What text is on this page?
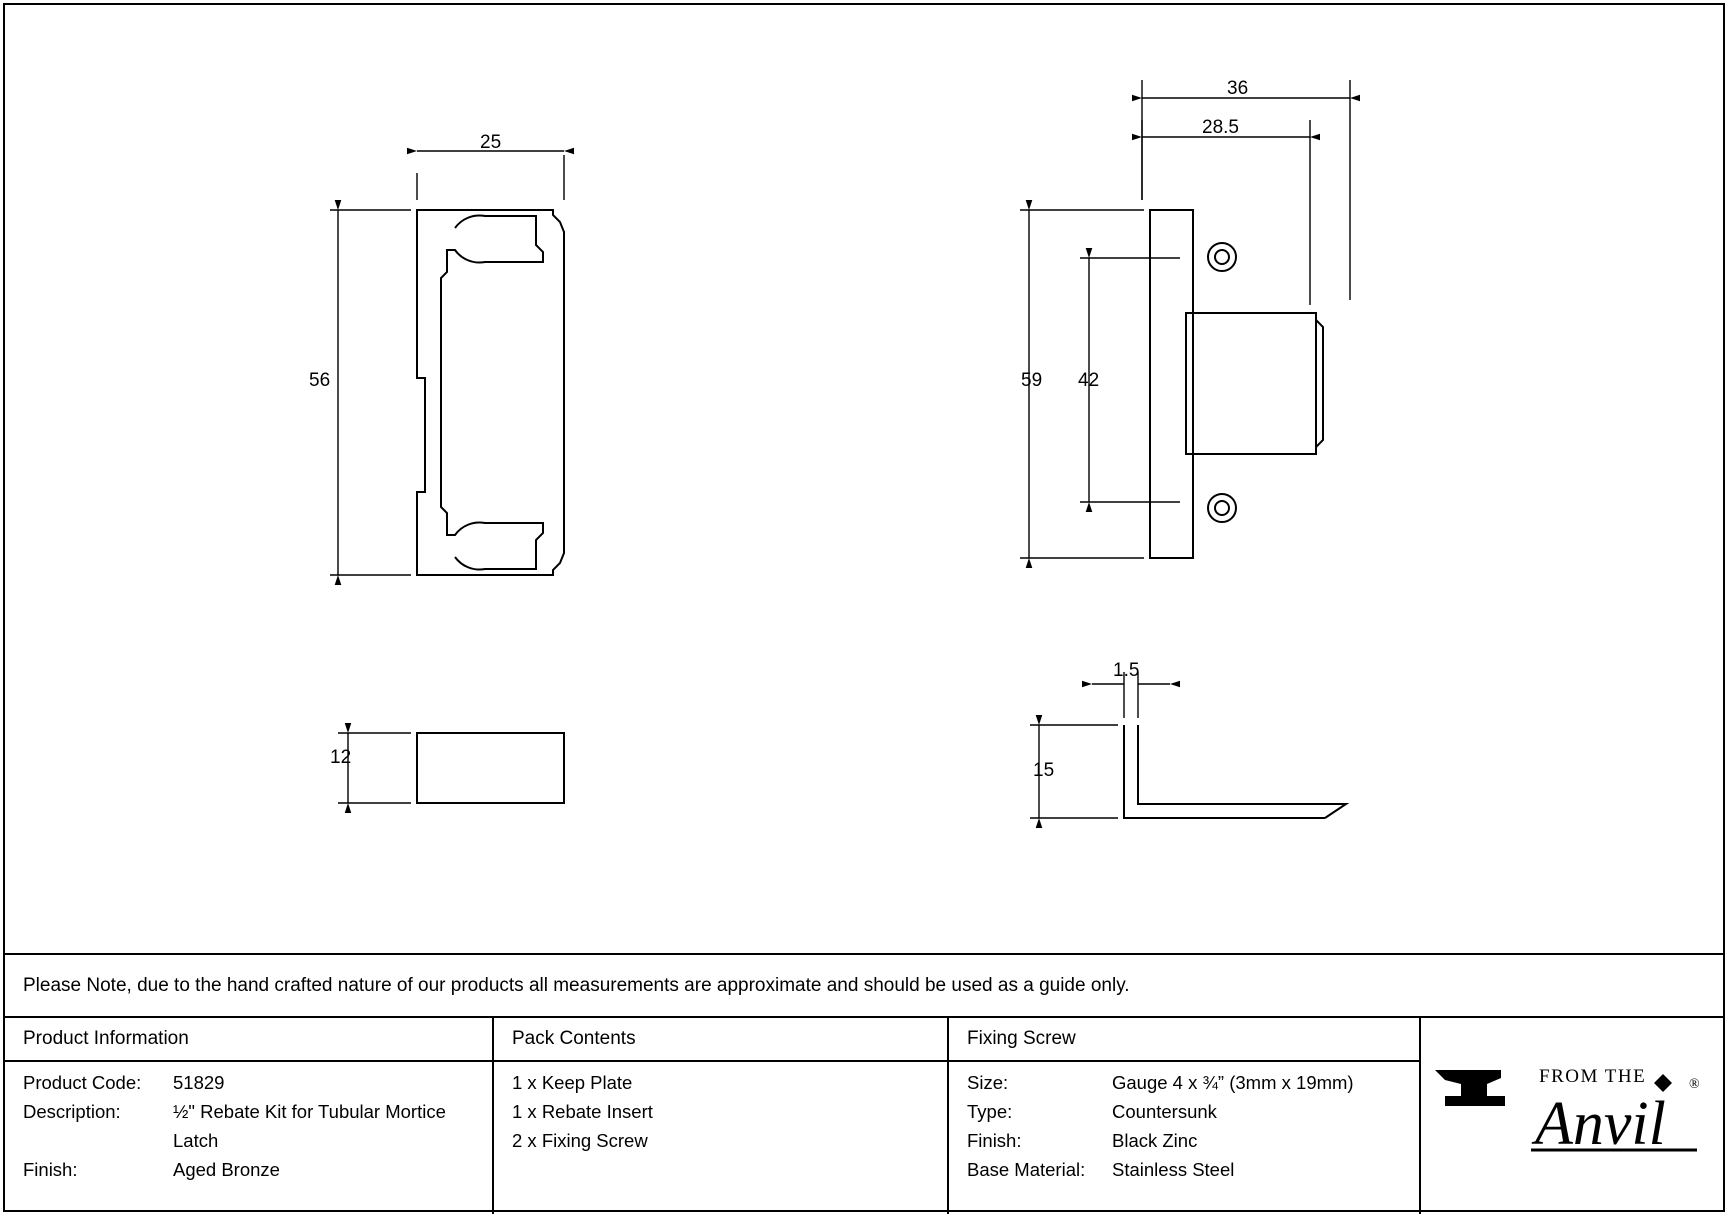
25
56
12
36
28.5
59 42
1.5
15
Please Note, due to the hand crafted nature of our products all measurements are approximate and should be used as a guide only.
Product Information
Product Code:	51829
Description:	½" Rebate Kit for Tubular Mortice Latch
Finish:	Aged Bronze
Pack Contents
1 x Keep Plate
1 x Rebate Insert
2 x Fixing Screw
Fixing Screw
Size:	Gauge 4 x ¾” (3mm x 19mm)
Type:	Countersunk
Finish:	Black Zinc
Base Material:	Stainless Steel
FROM THE
Anvil
®
